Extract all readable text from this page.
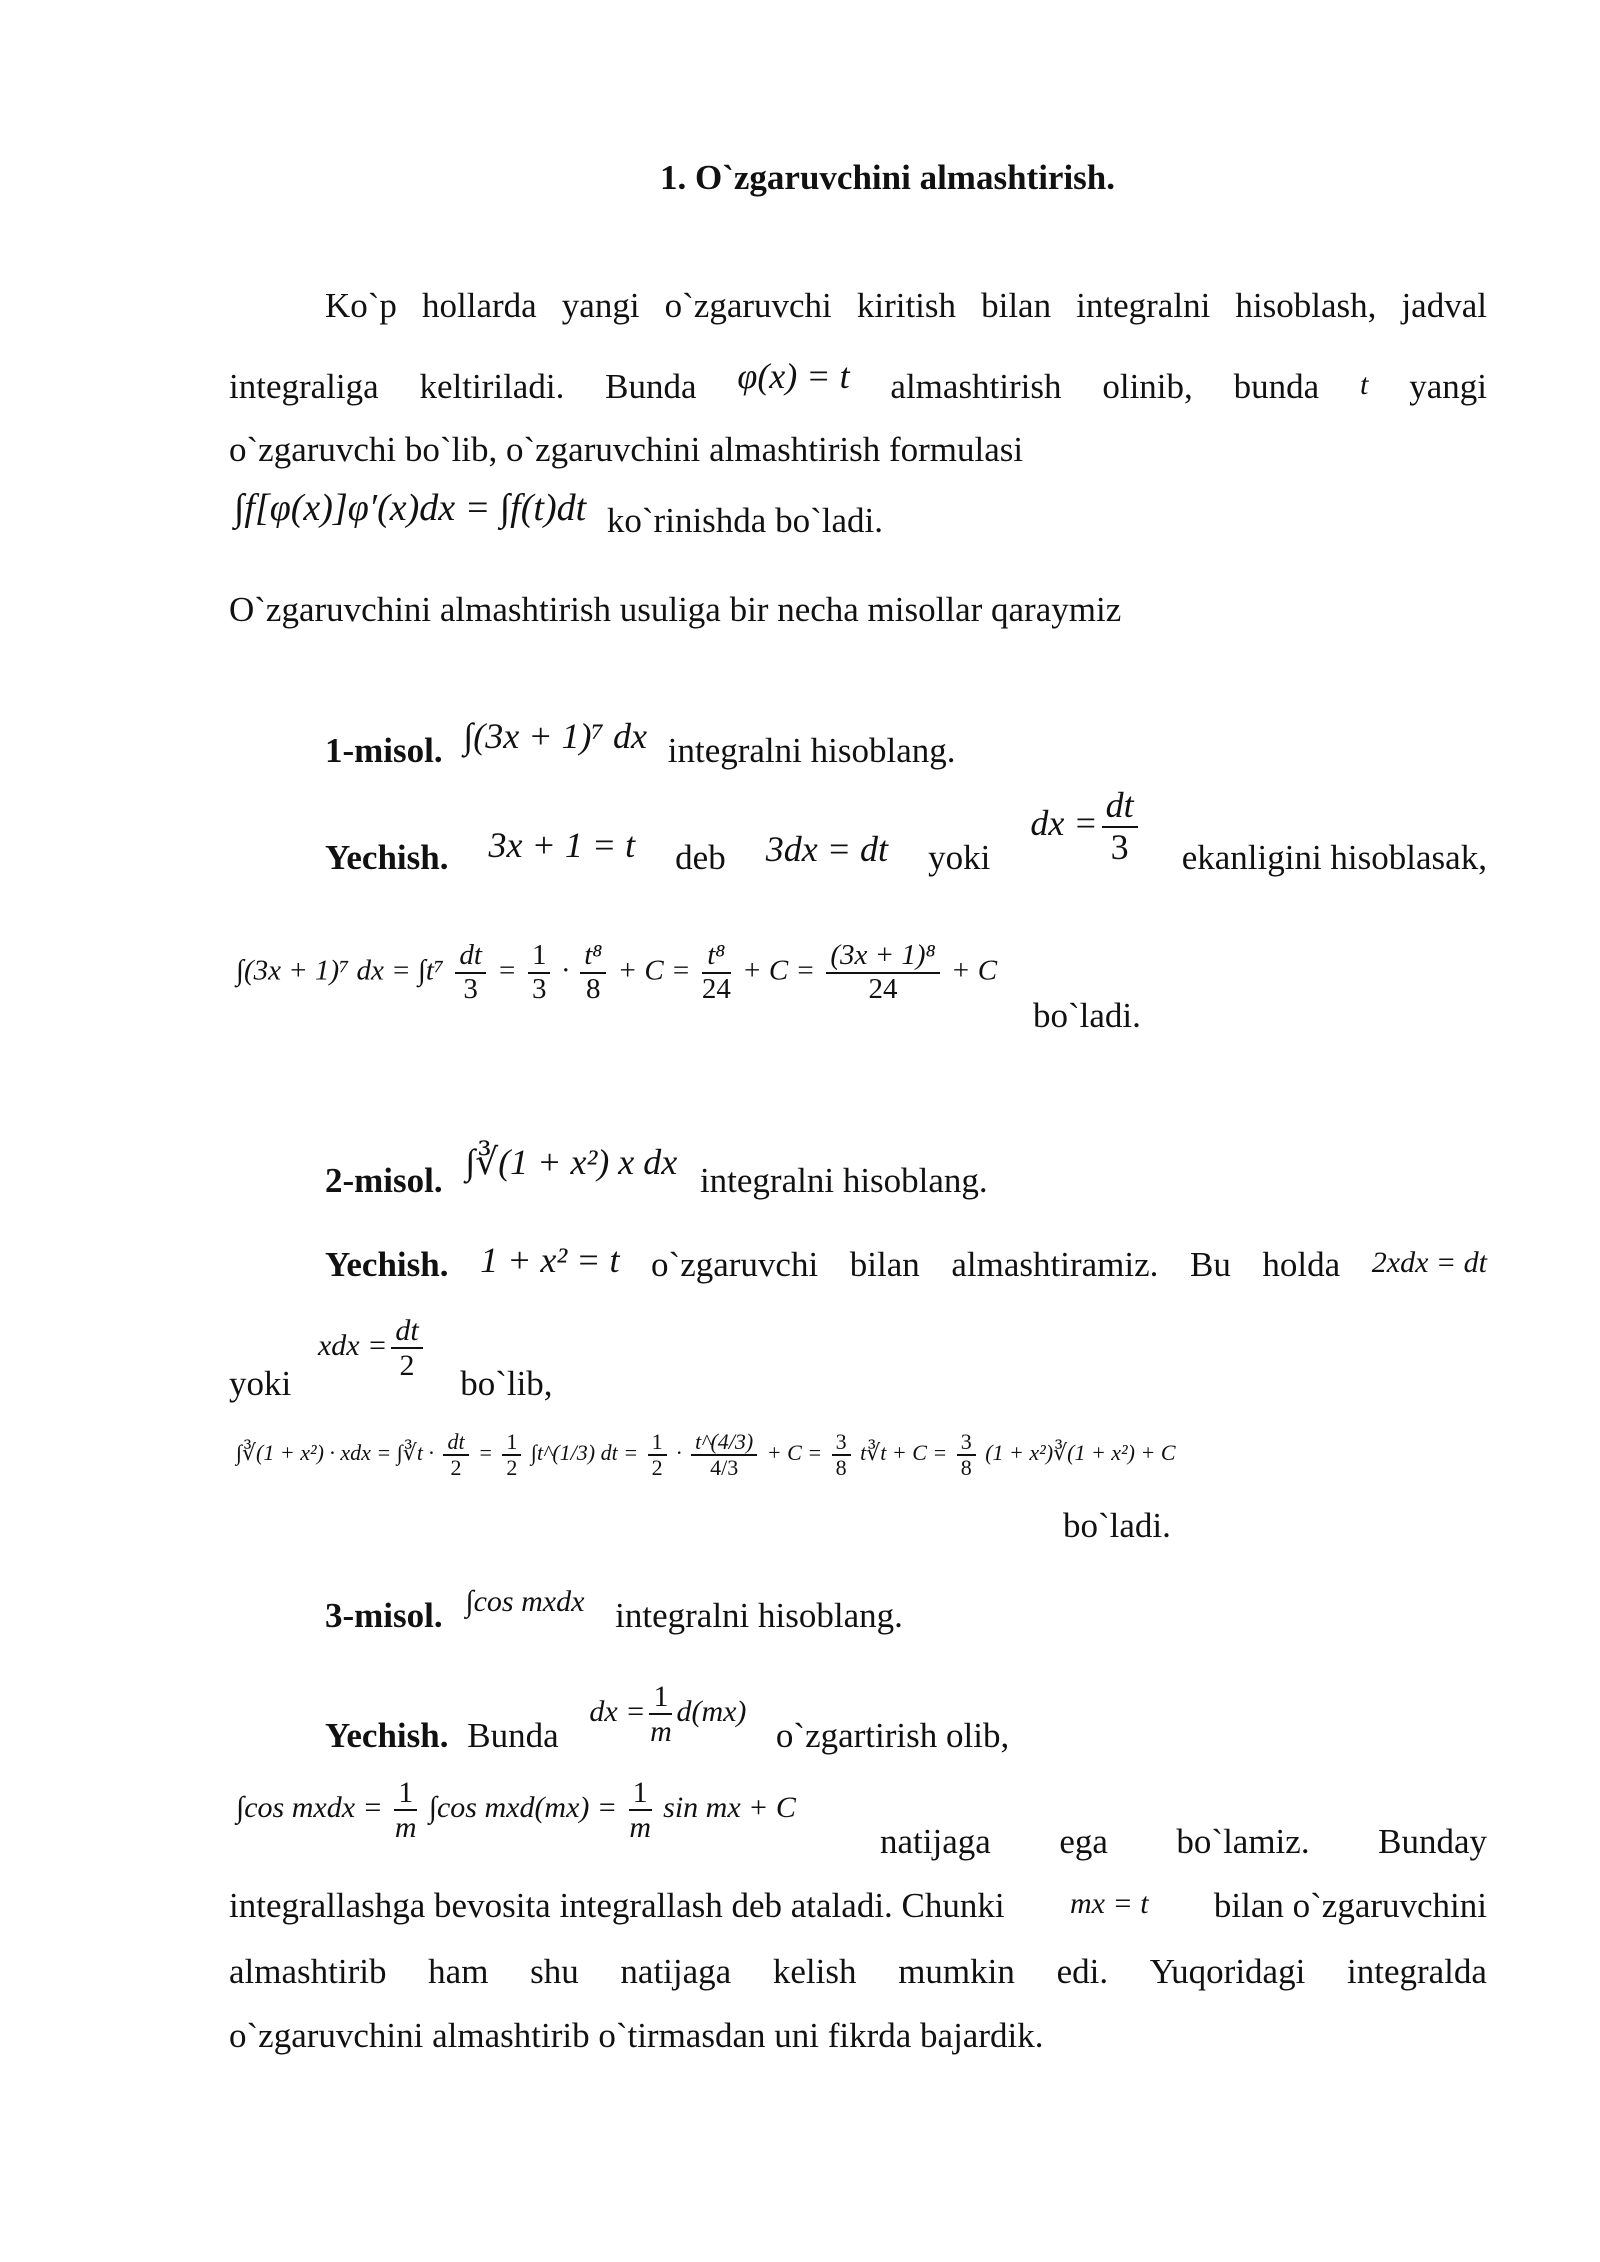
1. O`zgaruvchini almashtirish.
Ko`p hollarda yangi o`zgaruvchi kiritish bilan integralni hisoblash, jadval
integraliga keltiriladi. Bunda φ(x) = t almashtirish olinib, bunda t yangi
o`zgaruvchi bo`lib, o`zgaruvchini almashtirish formulasi
∫f[φ(x)]φ′(x)dx = ∫f(t)dt ko`rinishda bo`ladi.
O`zgaruvchini almashtirish usuliga bir necha misollar qaraymiz
1-misol. ∫(3x + 1)⁷ dx integralni hisoblang.
Yechish. 3x + 1 = t deb 3dx = dt yoki
dx = $\frac{dt}{3}$ ekanligini hisoblasak,
∫(3x + 1)⁷ dx = $\int t^7 \frac{dt}{3} = \frac{1}{3} \cdot \frac{\text{t⁸}}{8} + C = \frac{\text{t⁸}}{24} + C = \frac{\text{(3x + 1)⁸}}{24} + C$
bo`ladi.
2-misol. ∫∛(1 + x²) x dx integralni hisoblang.
Yechish. 1 + x² = t o`zgaruvchi bilan almashtiramiz. Bu holda 2xdx = dt
yoki xdx = $\frac{dt}{2}$
bo`lib,
∫∛(1 + x²) · xdx = ∫∛t · $\frac{dt}{2} = \frac{1}{2}$ ∫t^(1/3) dt = $\frac{1}{2} \cdot \frac{t\^{}(4/3)}{4/3} + C = \frac{3}{8}$ t∛t + $C = \frac{3}{8} (1$ + x²)∛(1 + x²) + C
bo`ladi.
3-misol. ∫cos mxdx integralni hisoblang.
Yechish. Bunda dx = $\frac{1}{m} d(mx)$ o`zgartirish olib,
∫cos mxdx = $\frac{1}{m} \int\cos$ $mxd(mx) = \frac{1}{m}$ sin mx + C
natijaga ega bo`lamiz. Bunday
integrallashga bevosita integrallash deb ataladi. Chunki mx = t bilan o`zgaruvchini
almashtirib ham shu natijaga kelish mumkin edi. Yuqoridagi integralda
o`zgaruvchini almashtirib o`tirmasdan uni fikrda bajardik.
